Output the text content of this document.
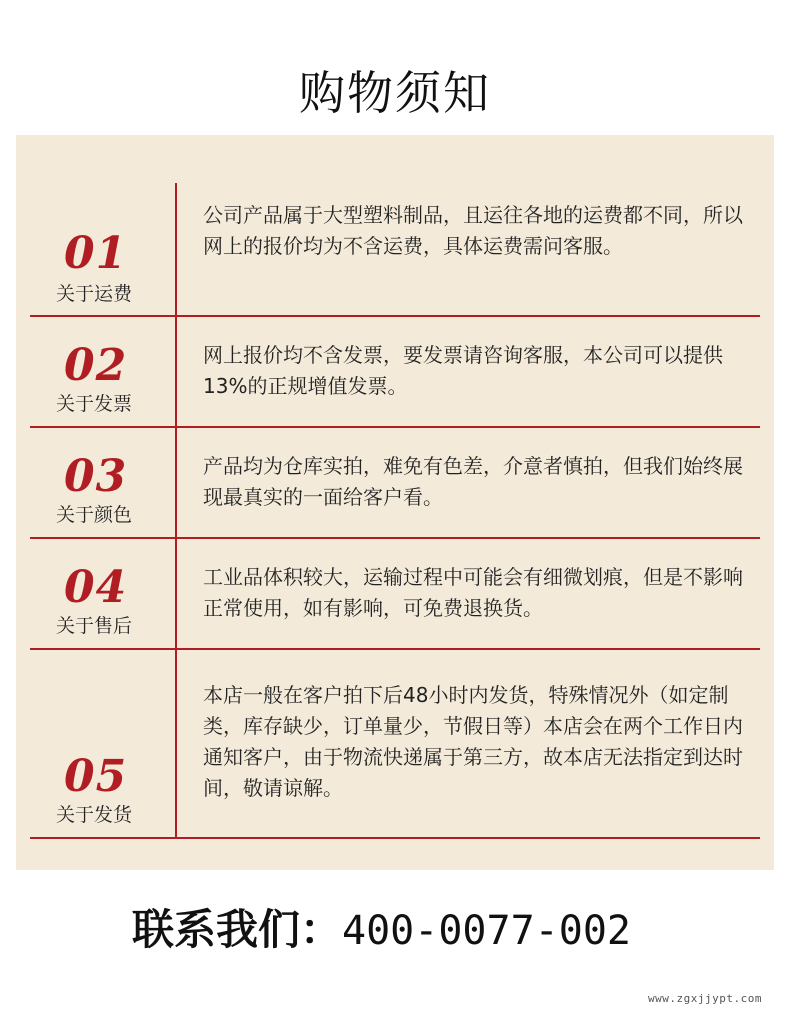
购物须知
01
关于运费
公司产品属于大型塑料制品，且运往各地的运费都不同，所以网上的报价均为不含运费，具体运费需问客服。
02
关于发票
网上报价均不含发票，要发票请咨询客服，本公司可以提供13%的正规增值发票。
03
关于颜色
产品均为仓库实拍，难免有色差，介意者慎拍，但我们始终展现最真实的一面给客户看。
04
关于售后
工业品体积较大，运输过程中可能会有细微划痕，但是不影响正常使用，如有影响，可免费退换货。
05
关于发货
本店一般在客户拍下后48小时内发货，特殊情况外（如定制类，库存缺少，订单量少，节假日等）本店会在两个工作日内通知客户，由于物流快递属于第三方，故本店无法指定到达时间，敬请谅解。
联系我们：400-0077-002
www.zgxjjypt.com
